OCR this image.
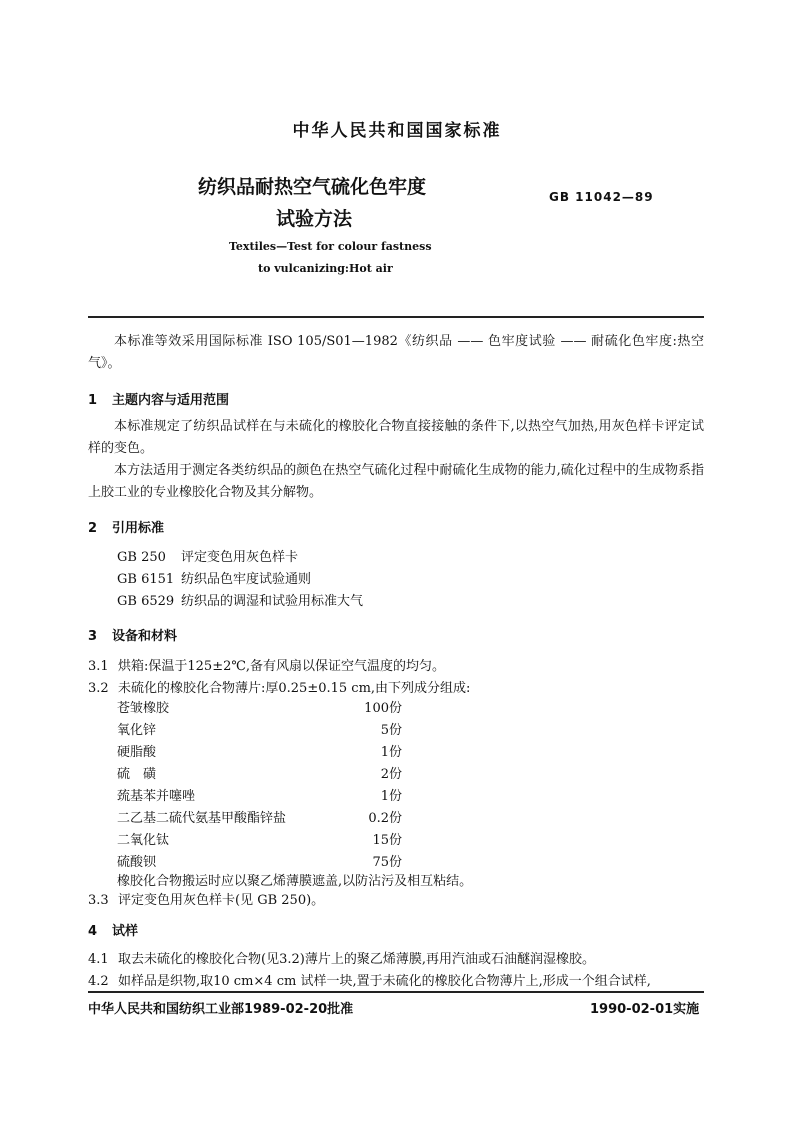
中华人民共和国国家标准
纺织品耐热空气硫化色牢度
试验方法
GB 11042—89
Textiles—Test for colour fastness
to vulcanizing:Hot air
本标准等效采用国际标准 ISO 105/S01—1982《纺织品 —— 色牢度试验 —— 耐硫化色牢度:热空气》。
1 主题内容与适用范围
本标准规定了纺织品试样在与未硫化的橡胶化合物直接接触的条件下,以热空气加热,用灰色样卡评定试样的变色。
本方法适用于测定各类纺织品的颜色在热空气硫化过程中耐硫化生成物的能力,硫化过程中的生成物系指上胶工业的专业橡胶化合物及其分解物。
2 引用标准
GB 250 评定变色用灰色样卡
GB 6151 纺织品色牢度试验通则
GB 6529 纺织品的调湿和试验用标准大气
3 设备和材料
3.1 烘箱:保温于125±2℃,备有风扇以保证空气温度的均匀。
3.2 未硫化的橡胶化合物薄片:厚0.25±0.15 cm,由下列成分组成:
苍皱橡胶	100份
氧化锌	5份
硬脂酸	1份
硫　磺	2份
巯基苯并噻唑	1份
二乙基二硫代氨基甲酸酯锌盐	0.2份
二氧化钛	15份
硫酸钡	75份
橡胶化合物搬运时应以聚乙烯薄膜遮盖,以防沾污及相互粘结。
3.3 评定变色用灰色样卡(见 GB 250)。
4 试样
4.1 取去未硫化的橡胶化合物(见3.2)薄片上的聚乙烯薄膜,再用汽油或石油醚润湿橡胶。
4.2 如样品是织物,取10 cm×4 cm 试样一块,置于未硫化的橡胶化合物薄片上,形成一个组合试样,
中华人民共和国纺织工业部1989-02-20批准	1990-02-01实施
